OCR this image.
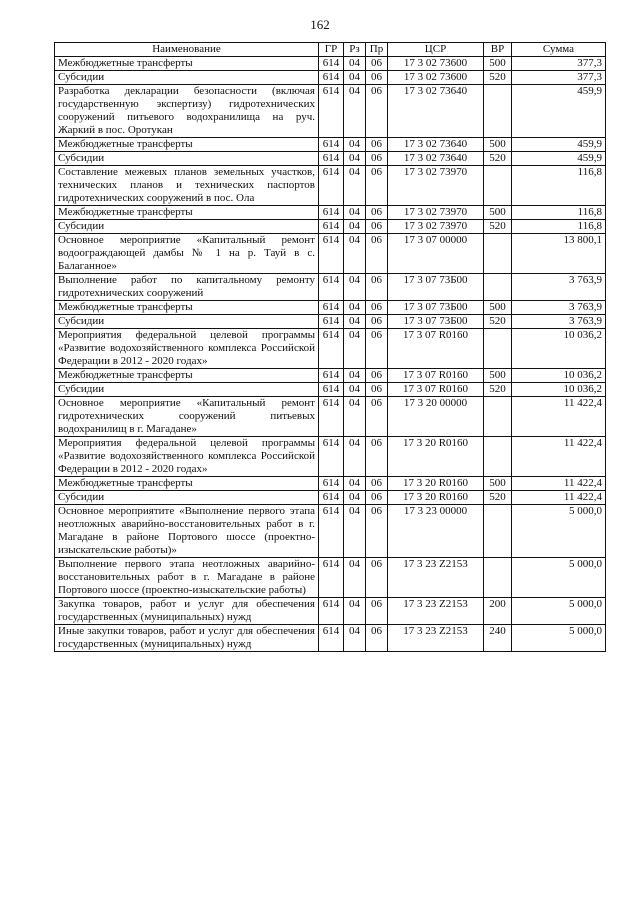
162
Наименование	ГР	Рз	Пр	ЦСР	ВР	Сумма
Межбюджетные трансферты	614	04	06	17 3 02 73600	500	377,3
Субсидии	614	04	06	17 3 02 73600	520	377,3
Разработка декларации безопасности (включая государственную экспертизу) гидротехнических сооружений питьевого водохранилища на руч. Жаркий в пос. Оротукан	614	04	06	17 3 02 73640		459,9
Межбюджетные трансферты	614	04	06	17 3 02 73640	500	459,9
Субсидии	614	04	06	17 3 02 73640	520	459,9
Составление межевых планов земельных участков, технических планов и технических паспортов гидротехнических сооружений в пос. Ола	614	04	06	17 3 02 73970		116,8
Межбюджетные трансферты	614	04	06	17 3 02 73970	500	116,8
Субсидии	614	04	06	17 3 02 73970	520	116,8
Основное мероприятие «Капитальный ремонт водоограждающей дамбы № 1 на р. Тауй в с. Балаганное»	614	04	06	17 3 07 00000		13 800,1
Выполнение работ по капитальному ремонту гидротехнических сооружений	614	04	06	17 3 07 73Б00		3 763,9
Межбюджетные трансферты	614	04	06	17 3 07 73Б00	500	3 763,9
Субсидии	614	04	06	17 3 07 73Б00	520	3 763,9
Мероприятия федеральной целевой программы «Развитие водохозяйственного комплекса Российской Федерации в 2012 - 2020 годах»	614	04	06	17 3 07 R0160		10 036,2
Межбюджетные трансферты	614	04	06	17 3 07 R0160	500	10 036,2
Субсидии	614	04	06	17 3 07 R0160	520	10 036,2
Основное мероприятие «Капитальный ремонт гидротехнических сооружений питьевых водохранилищ в г. Магадане»	614	04	06	17 3 20 00000		11 422,4
Мероприятия федеральной целевой программы «Развитие водохозяйственного комплекса Российской Федерации в 2012 - 2020 годах»	614	04	06	17 3 20 R0160		11 422,4
Межбюджетные трансферты	614	04	06	17 3 20 R0160	500	11 422,4
Субсидии	614	04	06	17 3 20 R0160	520	11 422,4
Основное мероприятите «Выполнение первого этапа неотложных аварийно-восстановительных работ в г. Магадане в районе Портового шоссе (проектно-изыскательские работы)»	614	04	06	17 3 23 00000		5 000,0
Выполнение первого этапа неотложных аварийно-восстановительных работ в г. Магадане в районе Портового шоссе (проектно-изыскательские работы)	614	04	06	17 3 23 Z2153		5 000,0
Закупка товаров, работ и услуг для обеспечения государственных (муниципальных) нужд	614	04	06	17 3 23 Z2153	200	5 000,0
Иные закупки товаров, работ и услуг для обеспечения государственных (муниципальных) нужд	614	04	06	17 3 23 Z2153	240	5 000,0
